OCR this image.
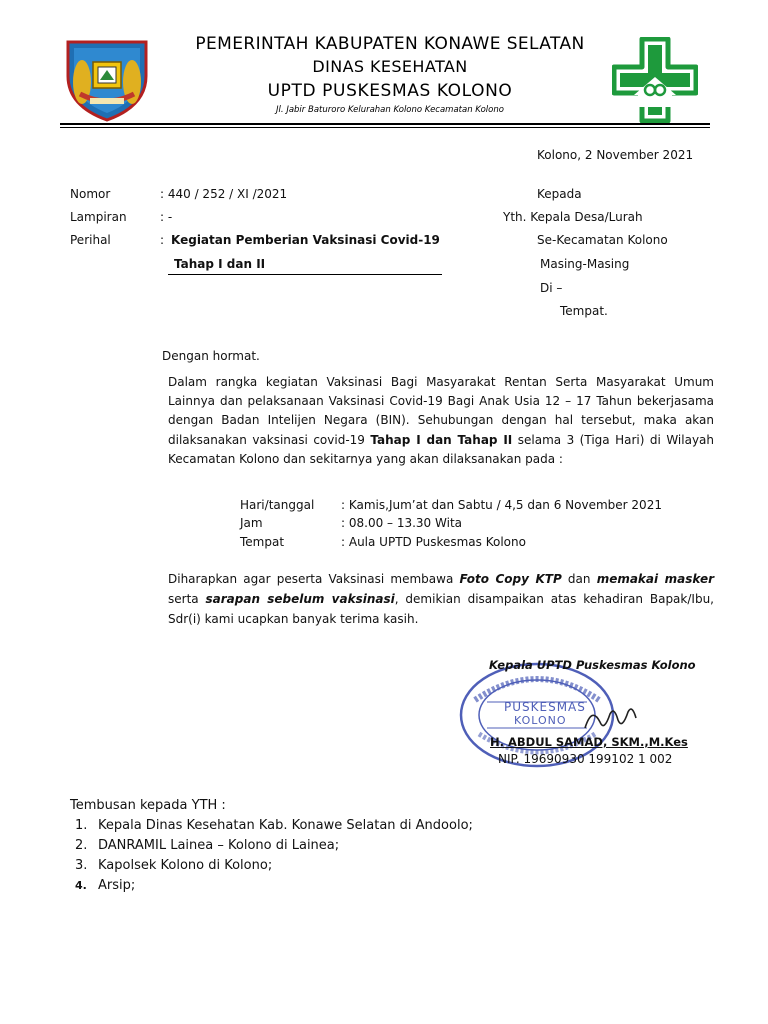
PEMERINTAH KABUPATEN KONAWE SELATAN
DINAS KESEHATAN
UPTD PUSKESMAS KOLONO
Jl. Jabir Baturoro Kelurahan Kolono Kecamatan Kolono
Kolono, 2 November 2021
Nomor	: 440 / 252 / XI /2021
Lampiran	: -
Perihal	: Kegiatan Pemberian Vaksinasi Covid-19
Tahap I dan II
Kepada
Yth. Kepala Desa/Lurah
Se-Kecamatan Kolono
Masing-Masing
Di –
Tempat.
Dengan hormat.
Dalam rangka kegiatan Vaksinasi Bagi Masyarakat Rentan Serta Masyarakat Umum Lainnya dan pelaksanaan Vaksinasi Covid-19 Bagi Anak Usia 12 – 17 Tahun bekerjasama dengan Badan Intelijen Negara (BIN). Sehubungan dengan hal tersebut, maka akan dilaksanakan vaksinasi covid-19 Tahap I dan Tahap II selama 3 (Tiga Hari) di Wilayah Kecamatan Kolono dan sekitarnya yang akan dilaksanakan pada :
Hari/tanggal : Kamis,Jum’at dan Sabtu / 4,5 dan 6 November 2021
Jam	: 08.00 – 13.30 Wita
Tempat	: Aula UPTD Puskesmas Kolono
Diharapkan agar peserta Vaksinasi membawa Foto Copy KTP dan memakai masker serta sarapan sebelum vaksinasi, demikian disampaikan atas kehadiran Bapak/Ibu, Sdr(i) kami ucapkan banyak terima kasih.
PUSKESMAS
KOLONO
Kepala UPTD Puskesmas Kolono
H. ABDUL SAMAD, SKM.,M.Kes
NIP. 19690930 199102 1 002
Tembusan kepada YTH :
1. Kepala Dinas Kesehatan Kab. Konawe Selatan di Andoolo;
2. DANRAMIL Lainea – Kolono di Lainea;
3. Kapolsek Kolono di Kolono;
4. Arsip;
